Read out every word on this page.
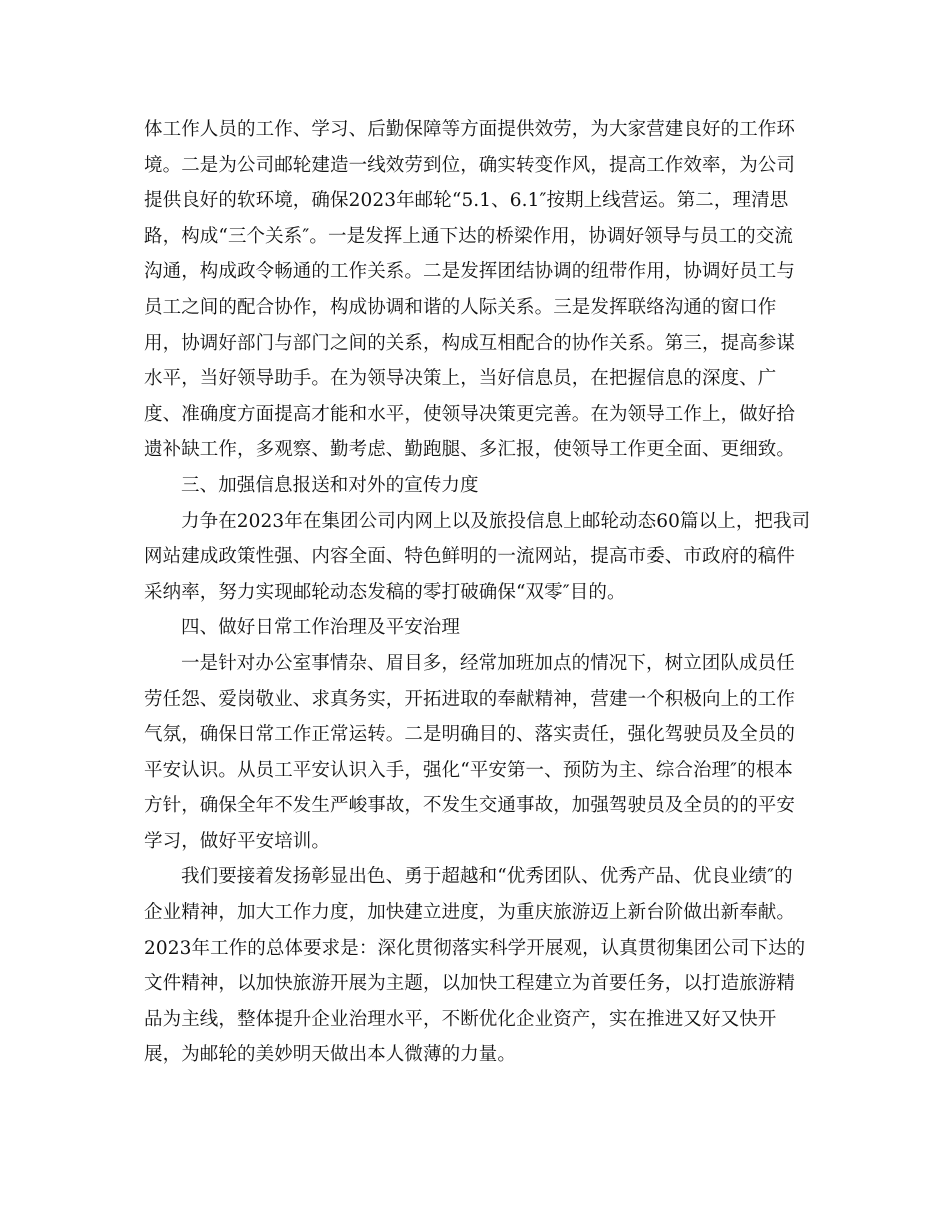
体工作人员的工作、学习、后勤保障等方面提供效劳，为大家营建良好的工作环
境。二是为公司邮轮建造一线效劳到位，确实转变作风，提高工作效率，为公司
提供良好的软环境，确保2023年邮轮“5.1、6.1″按期上线营运。第二，理清思
路，构成“三个关系″。一是发挥上通下达的桥梁作用，协调好领导与员工的交流
沟通，构成政令畅通的工作关系。二是发挥团结协调的纽带作用，协调好员工与
员工之间的配合协作，构成协调和谐的人际关系。三是发挥联络沟通的窗口作
用，协调好部门与部门之间的关系，构成互相配合的协作关系。第三，提高参谋
水平，当好领导助手。在为领导决策上，当好信息员，在把握信息的深度、广
度、准确度方面提高才能和水平，使领导决策更完善。在为领导工作上，做好拾
遗补缺工作，多观察、勤考虑、勤跑腿、多汇报，使领导工作更全面、更细致。
三、加强信息报送和对外的宣传力度
力争在2023年在集团公司内网上以及旅投信息上邮轮动态60篇以上，把我司
网站建成政策性强、内容全面、特色鲜明的一流网站，提高市委、市政府的稿件
采纳率，努力实现邮轮动态发稿的零打破确保“双零″目的。
四、做好日常工作治理及平安治理
一是针对办公室事情杂、眉目多，经常加班加点的情况下，树立团队成员任
劳任怨、爱岗敬业、求真务实，开拓进取的奉献精神，营建一个积极向上的工作
气氛，确保日常工作正常运转。二是明确目的、落实责任，强化驾驶员及全员的
平安认识。从员工平安认识入手，强化“平安第一、预防为主、综合治理″的根本
方针，确保全年不发生严峻事故，不发生交通事故，加强驾驶员及全员的的平安
学习，做好平安培训。
我们要接着发扬彰显出色、勇于超越和“优秀团队、优秀产品、优良业绩″的
企业精神，加大工作力度，加快建立进度，为重庆旅游迈上新台阶做出新奉献。
2023年工作的总体要求是：深化贯彻落实科学开展观，认真贯彻集团公司下达的
文件精神，以加快旅游开展为主题，以加快工程建立为首要任务，以打造旅游精
品为主线，整体提升企业治理水平，不断优化企业资产，实在推进又好又快开
展，为邮轮的美妙明天做出本人微薄的力量。
